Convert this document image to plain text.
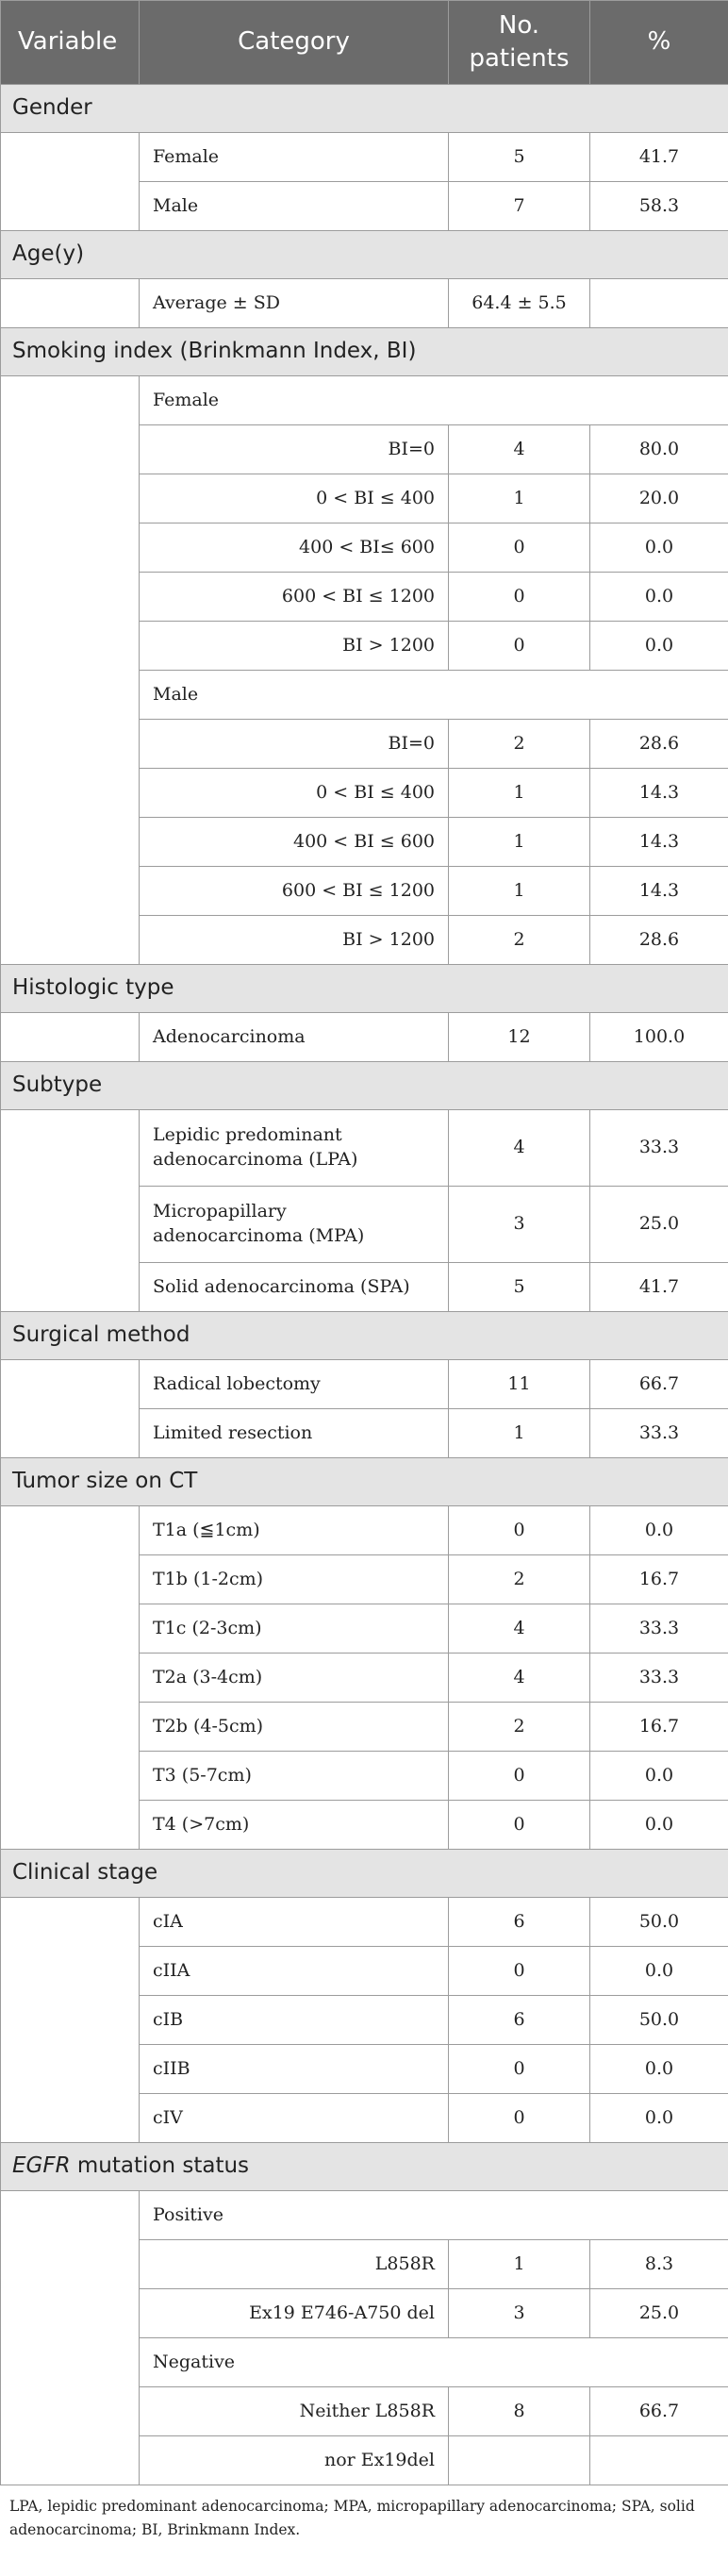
Variable	Category	No. patients	%
Gender			
	Female	5	41.7
	Male	7	58.3
Age(y)			
	Average ± SD	64.4 ± 5.5	
Smoking index (Brinkmann Index, BI)			
	Female		
	BI=0	4	80.0
	0 < BI ≤ 400	1	20.0
	400 < BI≤ 600	0	0.0
	600 < BI ≤ 1200	0	0.0
	BI > 1200	0	0.0
	Male		
	BI=0	2	28.6
	0 < BI ≤ 400	1	14.3
	400 < BI ≤ 600	1	14.3
	600 < BI ≤ 1200	1	14.3
	BI > 1200	2	28.6
Histologic type			
	Adenocarcinoma	12	100.0
Subtype			

	Lepidic predominant
adenocarcinoma (LPA)	4	33.3

	Micropapillary
adenocarcinoma (MPA)	3	25.0
	Solid adenocarcinoma (SPA)	5	41.7
Surgical method			
	Radical lobectomy	11	66.7
	Limited resection	1	33.3
Tumor size on CT			
	T1a (≦1cm)	0	0.0
	T1b (1-2cm)	2	16.7
	T1c (2-3cm)	4	33.3
	T2a (3-4cm)	4	33.3
	T2b (4-5cm)	2	16.7
	T3 (5-7cm)	0	0.0
	T4 (>7cm)	0	0.0
Clinical stage			
	cIA	6	50.0
	cIIA	0	0.0
	cIB	6	50.0
	cIIB	0	0.0
	cIV	0	0.0
EGFR mutation status			
	Positive		
	L858R	1	8.3
	Ex19 E746-A750 del	3	25.0
	Negative		
	Neither L858R	8	66.7
	nor Ex19del		
LPA, lepidic predominant adenocarcinoma; MPA, micropapillary adenocarcinoma; SPA, solid adenocarcinoma; BI, Brinkmann Index.
